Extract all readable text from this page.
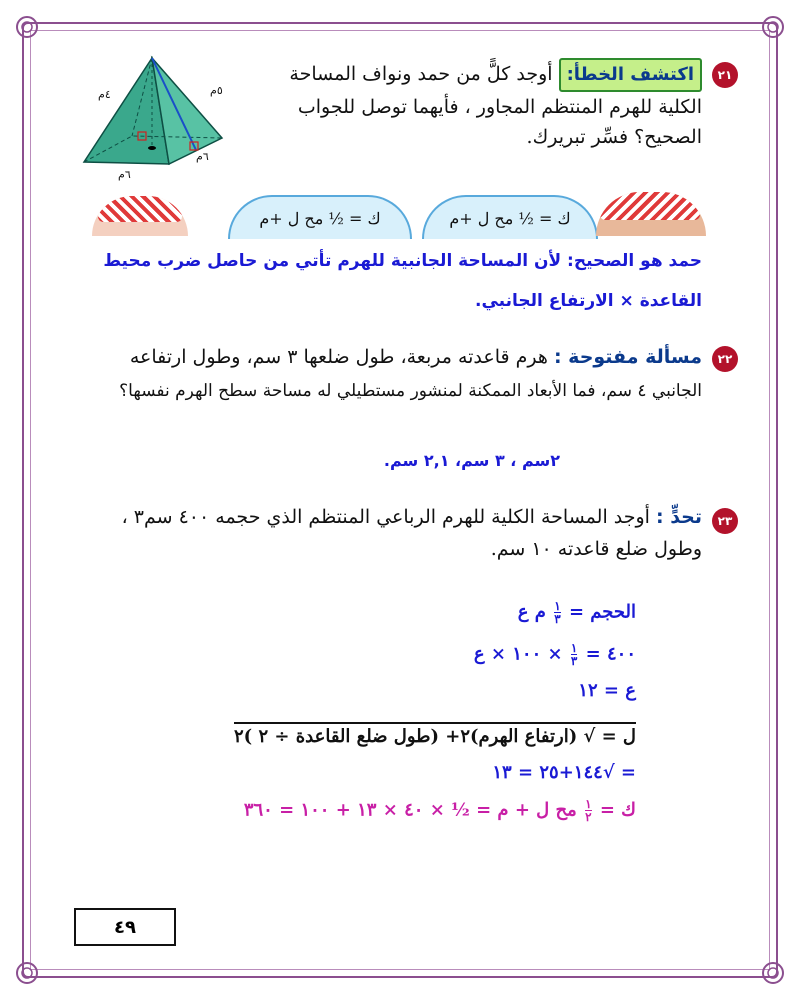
٢١
اكتشف الخطأ: أوجد كلًّ من حمد ونواف المساحة
الكلية للهرم المنتظم المجاور ، فأيهما توصل للجواب
الصحيح؟ فسِّر تبريرك.
٥م
٤م
٦م
٦م
ك = ½ مح ل +م	ك = ½ مح ل +م
حمد هو الصحيح: لأن المساحة الجانبية للهرم تأتي من حاصل ضرب محيط
القاعدة × الارتفاع الجانبي.
٢٢
مسألة مفتوحة : هرم قاعدته مربعة، طول ضلعها ٣ سم، وطول ارتفاعه
الجانبي ٤ سم، فما الأبعاد الممكنة لمنشور مستطيلي له مساحة سطح الهرم نفسها؟
٢سم ، ٣ سم، ٢,١ سم.
٢٣
تحدٍّ : أوجد المساحة الكلية للهرم الرباعي المنتظم الذي حجمه ٤٠٠ سم٣ ،
وطول ضلع قاعدته ١٠ سم.
الحجم =
$\frac{١}{٣}$
م ع
٤٠٠ =
$\frac{١}{٣}$
× ١٠٠ × ع
ع = ١٢
ل = √ (ارتفاع الهرم)٢+ (طول ضلع القاعدة ÷ ٢ )٢
= √١٤٤+٢٥ = ١٣
ك =
$\frac{١}{٢}$
مح ل + م = ½ × ٤٠ × ١٣ + ١٠٠ = ٣٦٠
٤٩
